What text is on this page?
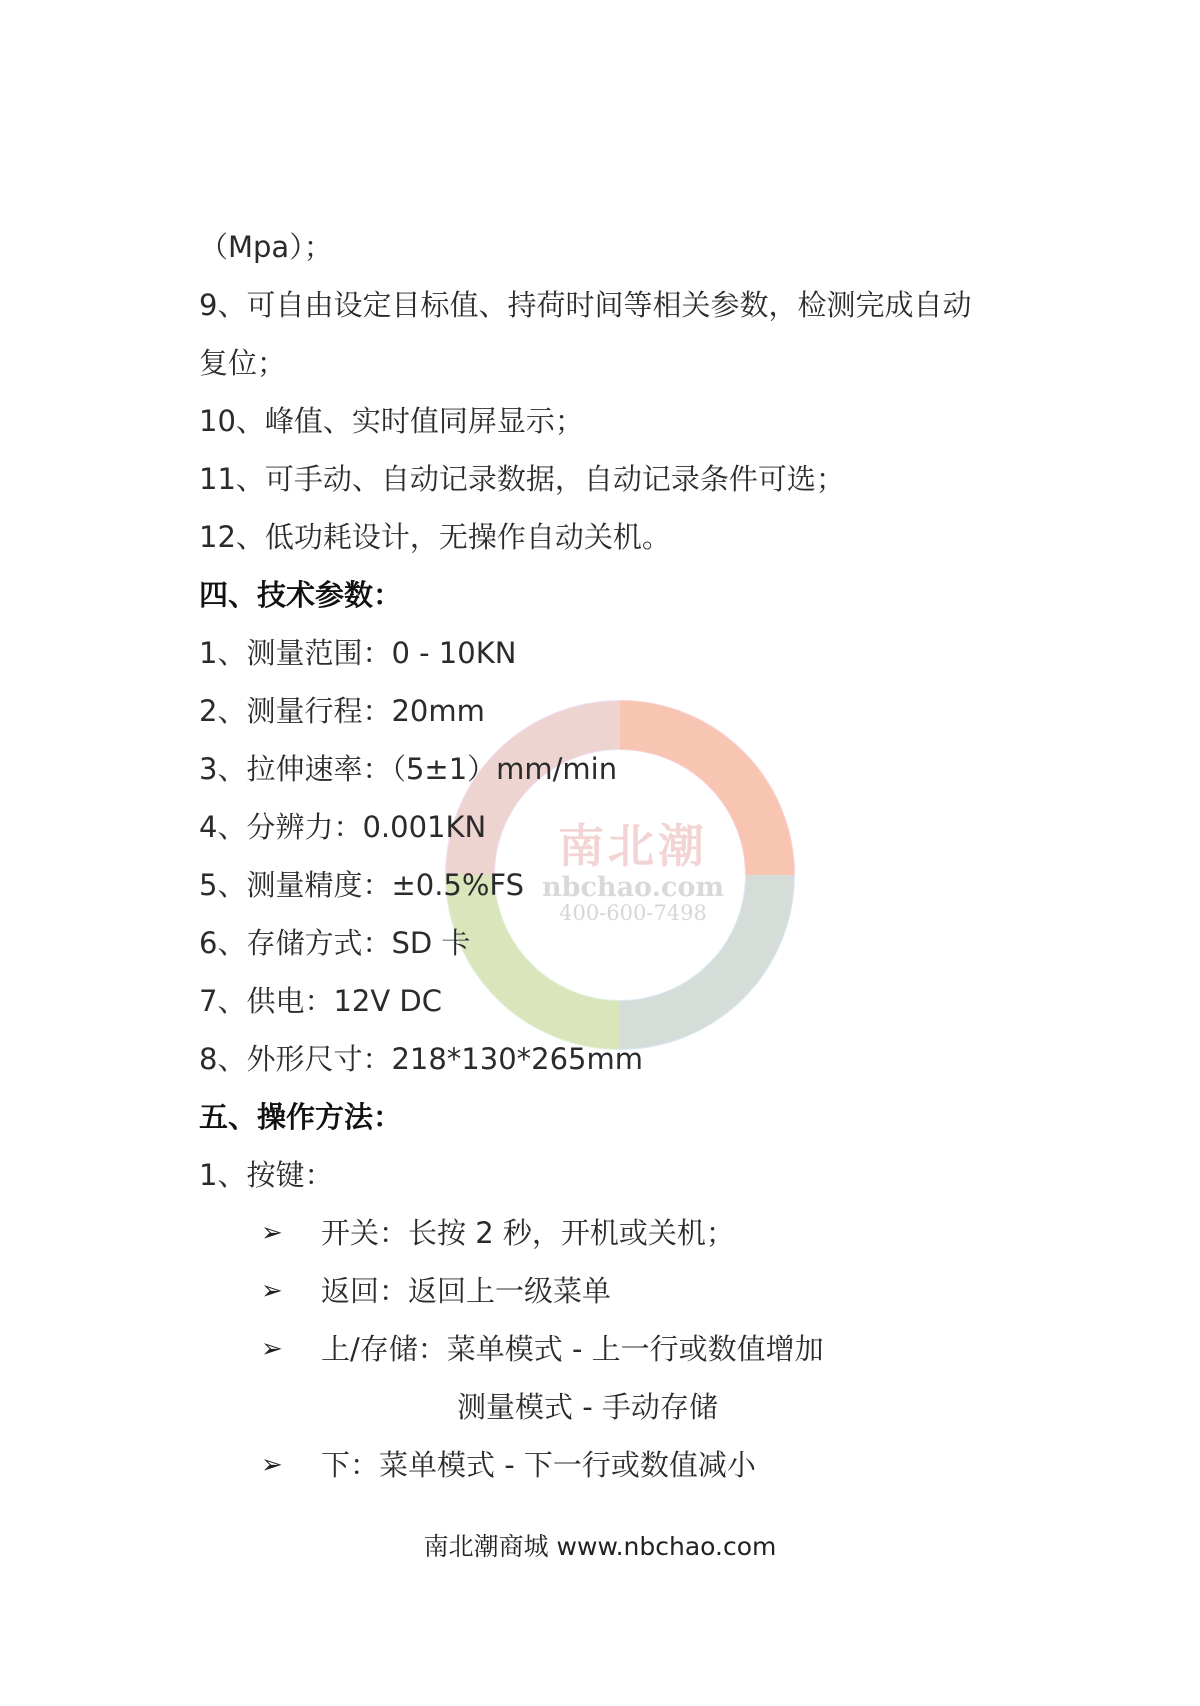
南北潮
nbchao.com
400-600-7498
（Mpa）；
9、可自由设定目标值、持荷时间等相关参数，检测完成自动
复位；
10、峰值、实时值同屏显示；
11、可手动、自动记录数据，自动记录条件可选；
12、低功耗设计，无操作自动关机。
四、技术参数：
1、测量范围：0 - 10KN
2、测量行程：20mm
3、拉伸速率：（5±1）mm/min
4、分辨力：0.001KN
5、测量精度：±0.5%FS
6、存储方式：SD 卡
7、供电：12V DC
8、外形尺寸：218*130*265mm
五、操作方法：
1、按键：
➢ 开关：长按 2 秒，开机或关机；
➢ 返回：返回上一级菜单
➢ 上/存储：菜单模式 - 上一行或数值增加
测量模式 - 手动存储
➢ 下：菜单模式 - 下一行或数值减小
南北潮商城 www.nbchao.com
